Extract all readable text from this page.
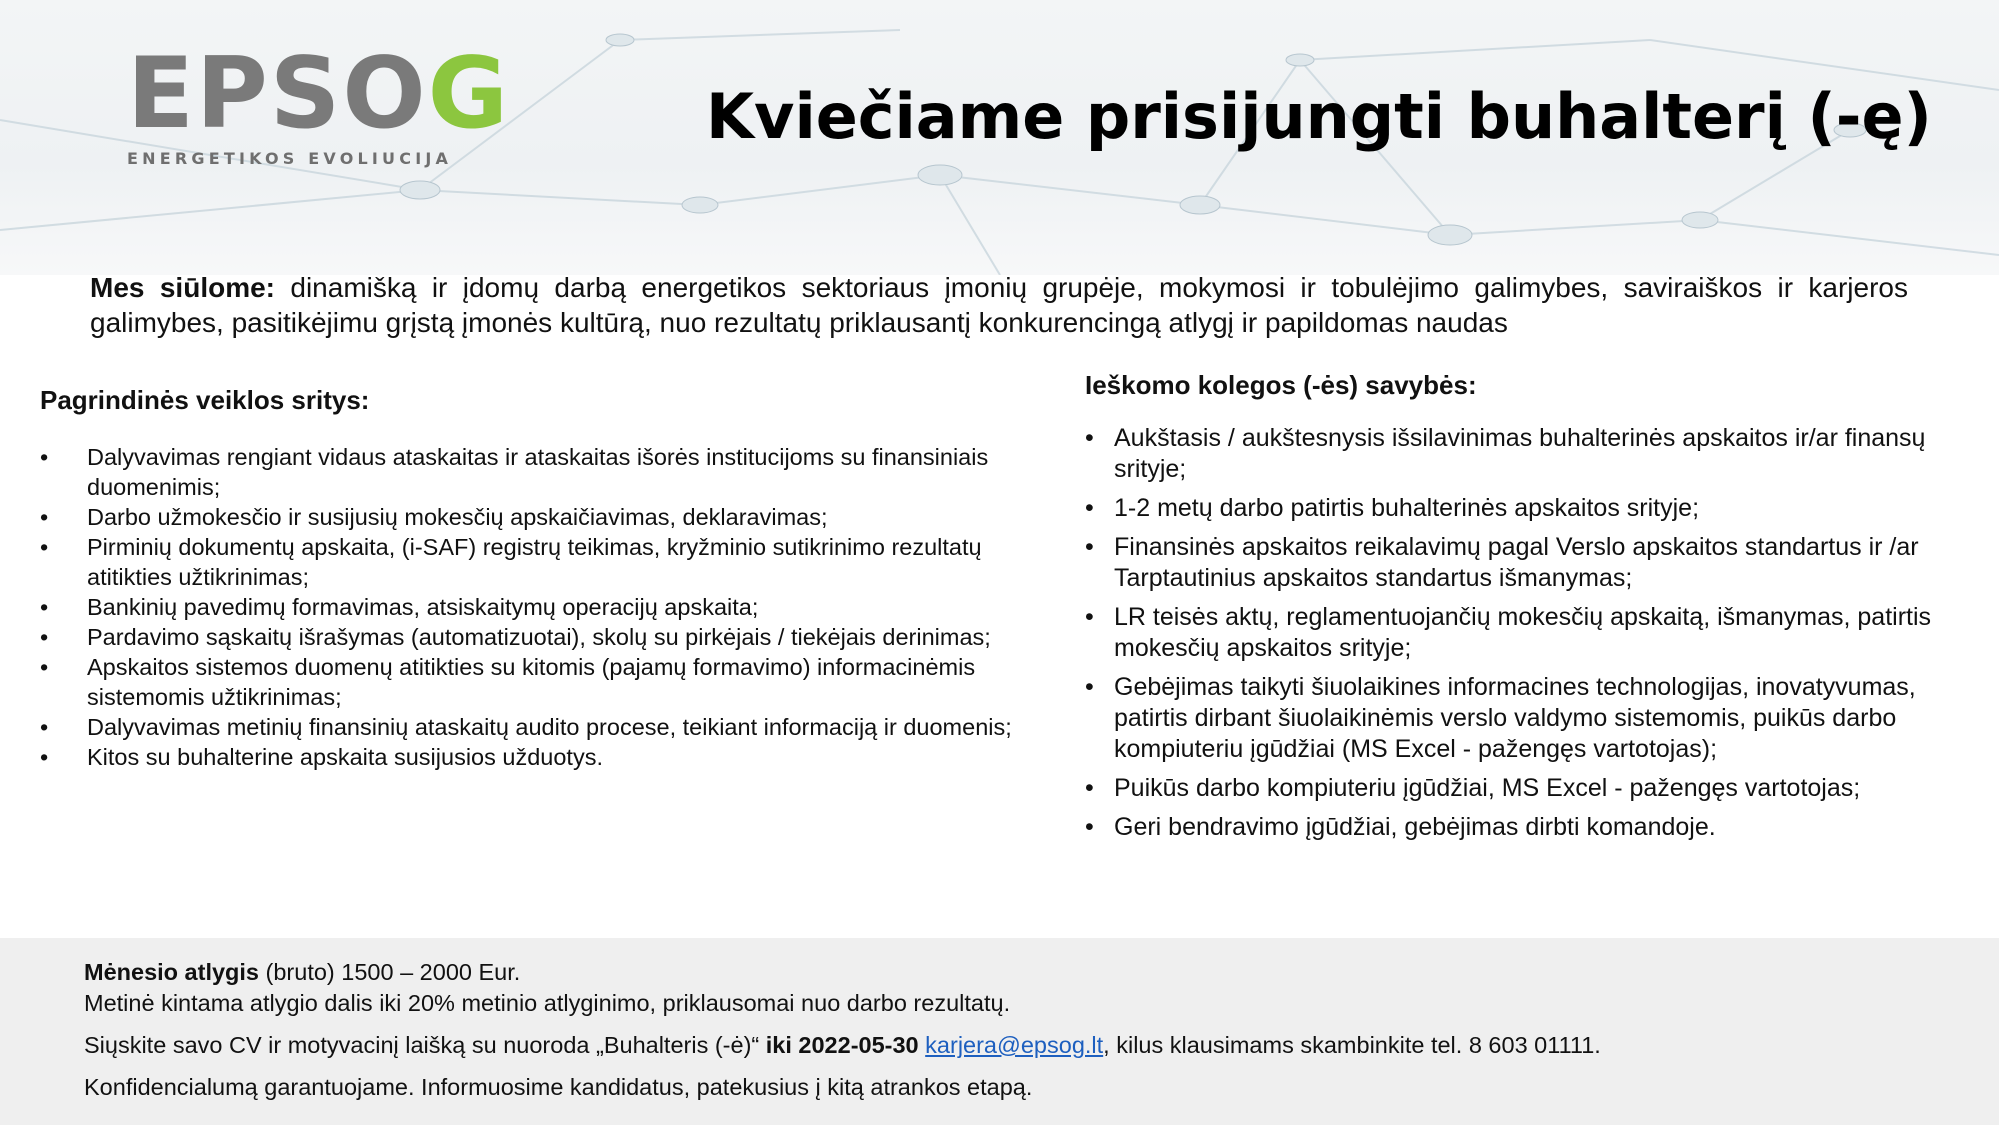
EPSOG
ENERGETIKOS EVOLIUCIJA
Kviečiame prisijungti buhalterį (-ę)
Mes siūlome: dinamišką ir įdomų darbą energetikos sektoriaus įmonių grupėje, mokymosi ir tobulėjimo galimybes, saviraiškos ir karjeros galimybes, pasitikėjimu grįstą įmonės kultūrą, nuo rezultatų priklausantį konkurencingą atlygį ir papildomas naudas
Pagrindinės veiklos sritys:
• Dalyvavimas rengiant vidaus ataskaitas ir ataskaitas išorės institucijoms su finansiniais duomenimis;
• Darbo užmokesčio ir susijusių mokesčių apskaičiavimas, deklaravimas;
• Pirminių dokumentų apskaita, (i-SAF) registrų teikimas, kryžminio sutikrinimo rezultatų atitikties užtikrinimas;
• Bankinių pavedimų formavimas, atsiskaitymų operacijų apskaita;
• Pardavimo sąskaitų išrašymas (automatizuotai), skolų su pirkėjais / tiekėjais derinimas;
• Apskaitos sistemos duomenų atitikties su kitomis (pajamų formavimo) informacinėmis sistemomis užtikrinimas;
• Dalyvavimas metinių finansinių ataskaitų audito procese, teikiant informaciją ir duomenis;
• Kitos su buhalterine apskaita susijusios užduotys.
Ieškomo kolegos (-ės) savybės:
• Aukštasis / aukštesnysis išsilavinimas buhalterinės apskaitos ir/ar finansų srityje;
• 1-2 metų darbo patirtis buhalterinės apskaitos srityje;
• Finansinės apskaitos reikalavimų pagal Verslo apskaitos standartus ir /ar Tarptautinius apskaitos standartus išmanymas;
• LR teisės aktų, reglamentuojančių mokesčių apskaitą, išmanymas, patirtis mokesčių apskaitos srityje;
• Gebėjimas taikyti šiuolaikines informacines technologijas, inovatyvumas, patirtis dirbant šiuolaikinėmis verslo valdymo sistemomis, puikūs darbo kompiuteriu įgūdžiai (MS Excel - pažengęs vartotojas);
• Puikūs darbo kompiuteriu įgūdžiai, MS Excel - pažengęs vartotojas;
• Geri bendravimo įgūdžiai, gebėjimas dirbti komandoje.
Mėnesio atlygis (bruto) 1500 – 2000 Eur.
Metinė kintama atlygio dalis iki 20% metinio atlyginimo, priklausomai nuo darbo rezultatų.
Siųskite savo CV ir motyvacinį laišką su nuoroda „Buhalteris (-ė)“ iki 2022-05-30 karjera@epsog.lt, kilus klausimams skambinkite tel. 8 603 01111.
Konfidencialumą garantuojame. Informuosime kandidatus, patekusius į kitą atrankos etapą.
